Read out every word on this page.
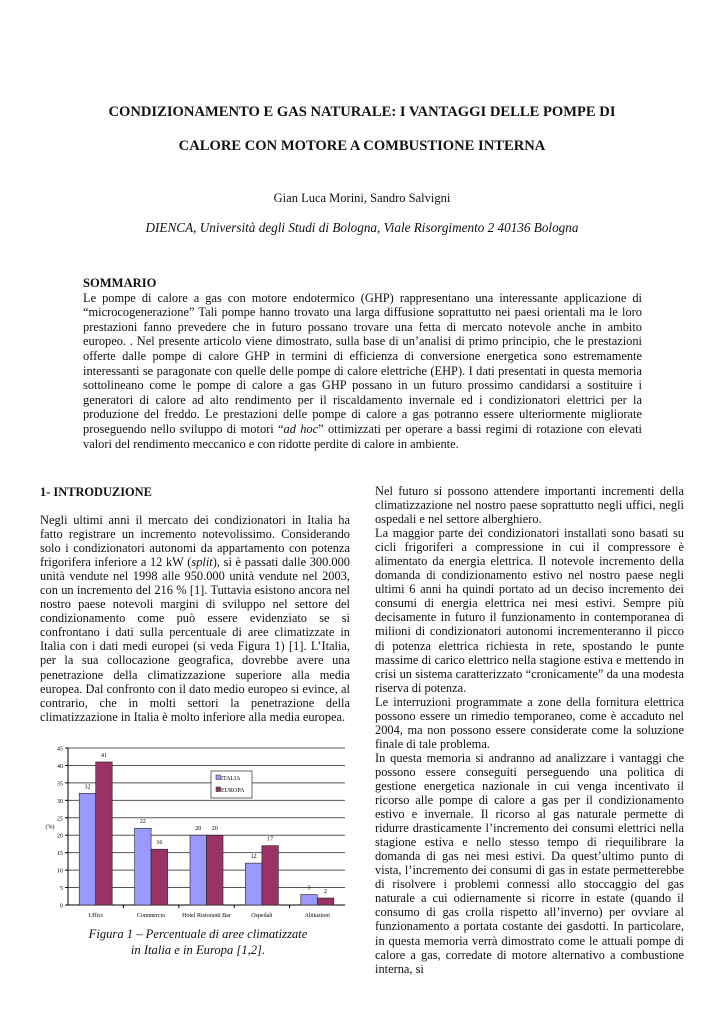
CONDIZIONAMENTO E GAS NATURALE: I VANTAGGI DELLE POMPE DI
CALORE CON MOTORE A COMBUSTIONE INTERNA
Gian Luca Morini, Sandro Salvigni
DIENCA, Università degli Studi di Bologna, Viale Risorgimento 2 40136 Bologna
SOMMARIO

Le pompe di calore a gas con motore endotermico (GHP) rappresentano una interessante applicazione di “microcogenerazione” Tali pompe hanno trovato una larga diffusione soprattutto nei paesi orientali ma le loro prestazioni fanno prevedere che in futuro possano trovare una fetta di mercato notevole anche in ambito europeo. . Nel presente articolo viene dimostrato, sulla base di un’analisi di primo principio, che le prestazioni offerte dalle pompe di calore GHP in termini di efficienza di conversione energetica sono estremamente interessanti se paragonate con quelle delle pompe di calore elettriche (EHP). I dati presentati in questa memoria sottolineano come le pompe di calore a gas GHP possano in un futuro prossimo candidarsi a sostituire i generatori di calore ad alto rendimento per il riscaldamento invernale ed i condizionatori elettrici per la produzione del freddo. Le prestazioni delle pompe di calore a gas potranno essere ulteriormente migliorate proseguendo nello sviluppo di motori “ad hoc” ottimizzati per operare a bassi regimi di rotazione con elevati valori del rendimento meccanico e con ridotte perdite di calore in ambiente.

1- INTRODUZIONE

Negli ultimi anni il mercato dei condizionatori in Italia ha fatto registrare un incremento notevolissimo. Considerando solo i condizionatori autonomi da appartamento con potenza frigorifera inferiore a 12 kW (split), si è passati dalle 300.000 unità vendute nel 1998 alle 950.000 unità vendute nel 2003, con un incremento del 216 % [1]. Tuttavia esistono ancora nel nostro paese notevoli margini di sviluppo nel settore del condizionamento come può essere evidenziato se si confrontano i dati sulla percentuale di aree climatizzate in Italia con i dati medi europei (si veda Figura 1) [1]. L’Italia, per la sua collocazione geografica, dovrebbe avere una penetrazione della climatizzazione superiore alla media europea. Dal confronto con il dato medio europeo si evince, al contrario, che in molti settori la penetrazione della climatizzazione in Italia è molto inferiore alla media europea.

Nel futuro si possono attendere importanti incrementi della climatizzazione nel nostro paese soprattutto negli uffici, negli ospedali e nel settore alberghiero.

La maggior parte dei condizionatori installati sono basati su cicli frigoriferi a compressione in cui il compressore è alimentato da energia elettrica. Il notevole incremento della domanda di condizionamento estivo nel nostro paese negli ultimi 6 anni ha quindi portato ad un deciso incremento dei consumi di energia elettrica nei mesi estivi. Sempre più decisamente in futuro il funzionamento in contemporanea di milioni di condizionatori autonomi incrementeranno il picco di potenza elettrica richiesta in rete, spostando le punte massime di carico elettrico nella stagione estiva e mettendo in crisi un sistema caratterizzato “cronicamente” da una modesta riserva di potenza.

Le interruzioni programmate a zone della fornitura elettrica possono essere un rimedio temporaneo, come è accaduto nel 2004, ma non possono essere considerate come la soluzione finale di tale problema.

In questa memoria si andranno ad analizzare i vantaggi che possono essere conseguiti perseguendo una politica di gestione energetica nazionale in cui venga incentivato il ricorso alle pompe di calore a gas per il condizionamento estivo e invernale. Il ricorso al gas naturale permette di ridurre drasticamente l’incremento dei consumi elettrici nella stagione estiva e nello stesso tempo di riequilibrare la domanda di gas nei mesi estivi. Da quest’ultimo punto di vista, l’incremento dei consumi di gas in estate permetterebbe di risolvere i problemi connessi allo stoccaggio del gas naturale a cui odiernamente si ricorre in estate (quando il consumo di gas crolla rispetto all’inverno) per ovviare al funzionamento a portata costante dei gasdotti. In particolare, in questa memoria verrà dimostrato come le attuali pompe di calore a gas, corredate di motore alternativo a combustione interna, si

0
5
10
15
20
25
30
35
40
45
(%)
32
41
Uffici
22
16
Commercio
20 20
Hotel Ristoranti Bar
12
17
Ospedali
3
2
Abitazioni
ITALIA
EUROPA
Figura 1 – Percentuale di aree climatizzate
in Italia e in Europa [1,2].
